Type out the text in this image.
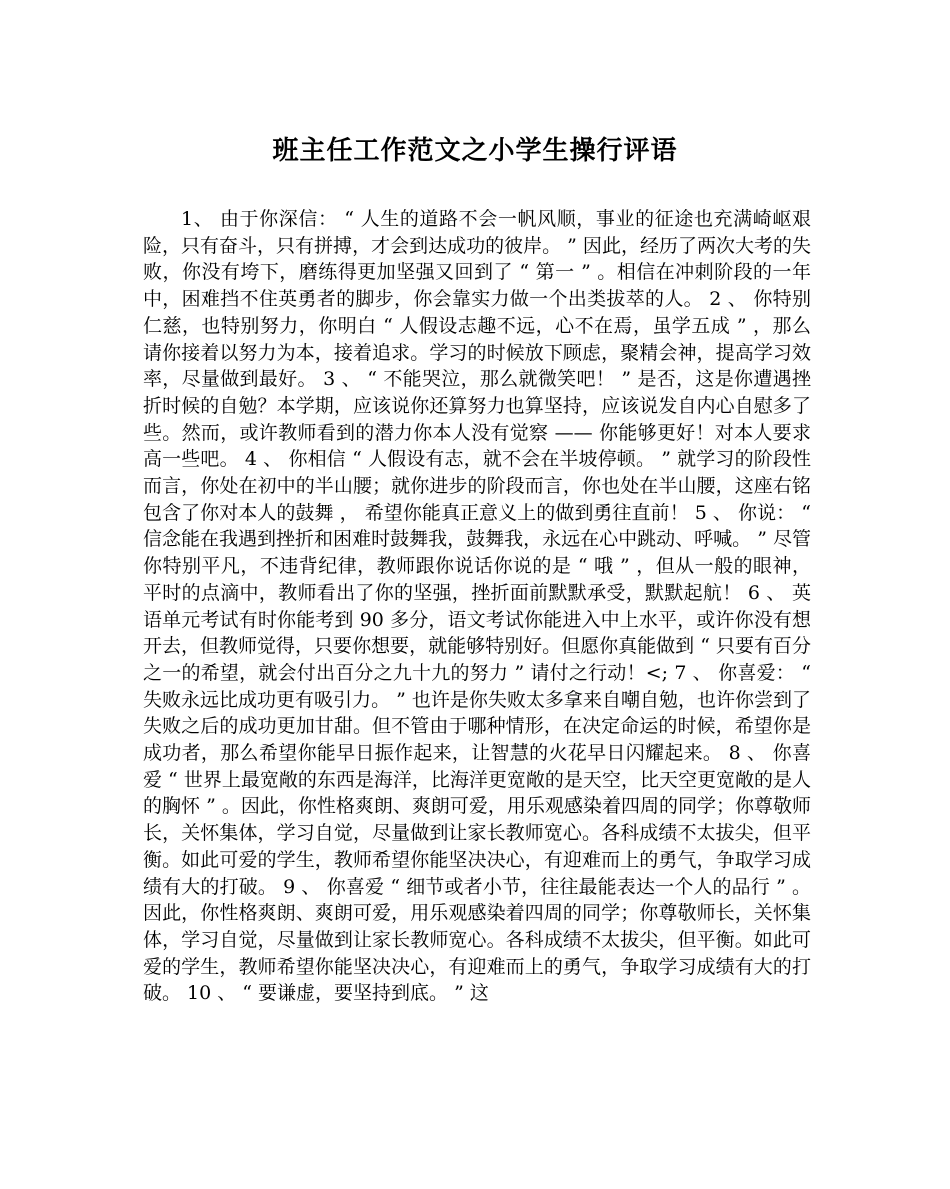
班主任工作范文之小学生操行评语

1、 由于你深信： “ 人生的道路不会一帆风顺，事业的征途也充满崎岖艰险，只有奋斗，只有拼搏，才会到达成功的彼岸。 ” 因此，经历了两次大考的失败，你没有垮下，磨练得更加坚强又回到了 “ 第一 ” 。相信在冲刺阶段的一年中，困难挡不住英勇者的脚步，你会靠实力做一个出类拔萃的人。 2 、 你特别仁慈，也特别努力，你明白 “ 人假设志趣不远，心不在焉，虽学五成 ” ，那么请你接着以努力为本，接着追求。学习的时候放下顾虑，聚精会神，提高学习效率，尽量做到最好。 3 、 “ 不能哭泣，那么就微笑吧！ ” 是否，这是你遭遇挫折时候的自勉？本学期，应该说你还算努力也算坚持，应该说发自内心自慰多了些。然而，或许教师看到的潜力你本人没有觉察 —— 你能够更好！对本人要求高一些吧。 4 、 你相信 “ 人假设有志，就不会在半坡停顿。 ” 就学习的阶段性而言，你处在初中的半山腰；就你进步的阶段而言，你也处在半山腰，这座右铭包含了你对本人的鼓舞 ， 希望你能真正意义上的做到勇往直前！ 5 、 你说： “ 信念能在我遇到挫折和困难时鼓舞我，鼓舞我，永远在心中跳动、呼喊。 ” 尽管你特别平凡，不违背纪律，教师跟你说话你说的是 “ 哦 ” ，但从一般的眼神，平时的点滴中，教师看出了你的坚强，挫折面前默默承受，默默起航！ 6 、 英语单元考试有时你能考到 90 多分，语文考试你能进入中上水平，或许你没有想开去，但教师觉得，只要你想要，就能够特别好。但愿你真能做到 “ 只要有百分之一的希望，就会付出百分之九十九的努力 ” 请付之行动！<; 7 、 你喜爱： “ 失败永远比成功更有吸引力。 ” 也许是你失败太多拿来自嘲自勉，也许你尝到了失败之后的成功更加甘甜。但不管由于哪种情形，在决定命运的时候，希望你是成功者，那么希望你能早日振作起来，让智慧的火花早日闪耀起来。 8 、 你喜爱 “ 世界上最宽敞的东西是海洋，比海洋更宽敞的是天空，比天空更宽敞的是人的胸怀 ” 。因此，你性格爽朗、爽朗可爱，用乐观感染着四周的同学；你尊敬师长，关怀集体，学习自觉，尽量做到让家长教师宽心。各科成绩不太拔尖，但平衡。如此可爱的学生，教师希望你能坚决决心，有迎难而上的勇气，争取学习成绩有大的打破。 9 、 你喜爱 “ 细节或者小节，往往最能表达一个人的品行 ” 。 因此，你性格爽朗、爽朗可爱，用乐观感染着四周的同学；你尊敬师长，关怀集体，学习自觉，尽量做到让家长教师宽心。各科成绩不太拔尖，但平衡。如此可爱的学生，教师希望你能坚决决心，有迎难而上的勇气，争取学习成绩有大的打破。 10 、 “ 要谦虚，要坚持到底。 ” 这
